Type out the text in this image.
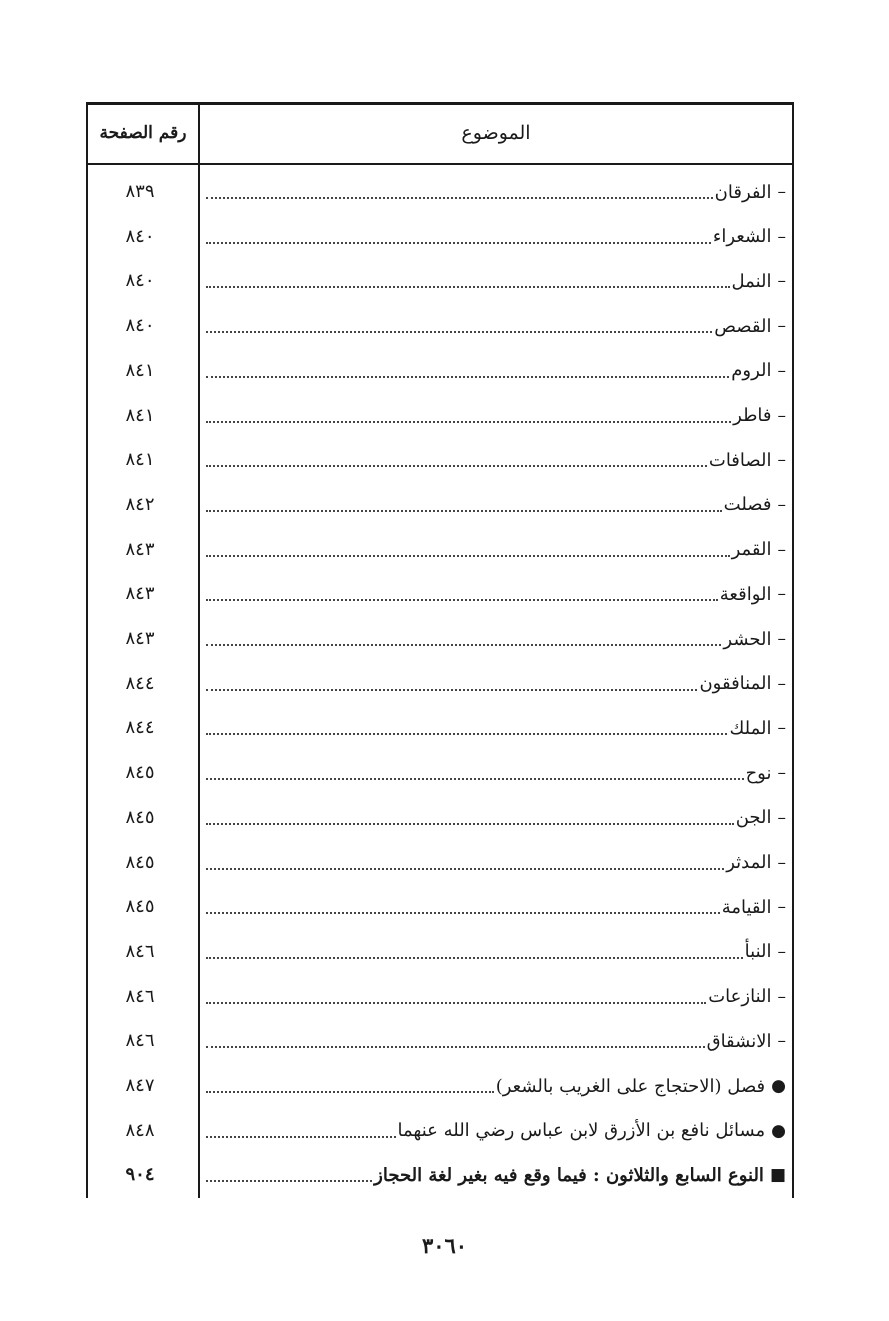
رقم الصفحة	الموضوع
الفرقان –
٨٣٩
الشعراء –
٨٤٠
النمل –
٨٤٠
القصص –
٨٤٠
الروم –
٨٤١
فاطر –
٨٤١
الصافات –
٨٤١
فصلت –
٨٤٢
القمر –
٨٤٣
الواقعة –
٨٤٣
الحشر –
٨٤٣
المنافقون –
٨٤٤
الملك –
٨٤٤
نوح –
٨٤٥
الجن –
٨٤٥
المدثر –
٨٤٥
القيامة –
٨٤٥
النبأ –
٨٤٦
النازعات –
٨٤٦
الانشقاق –
٨٤٦
فصل (الاحتجاج على الغريب بالشعر) ●
٨٤٧
مسائل نافع بن الأزرق لابن عباس رضي الله عنهما ●
٨٤٨
النوع السابع والثلاثون : فيما وقع فيه بغير لغة الحجاز ■
٩٠٤
٣٠٦٠
